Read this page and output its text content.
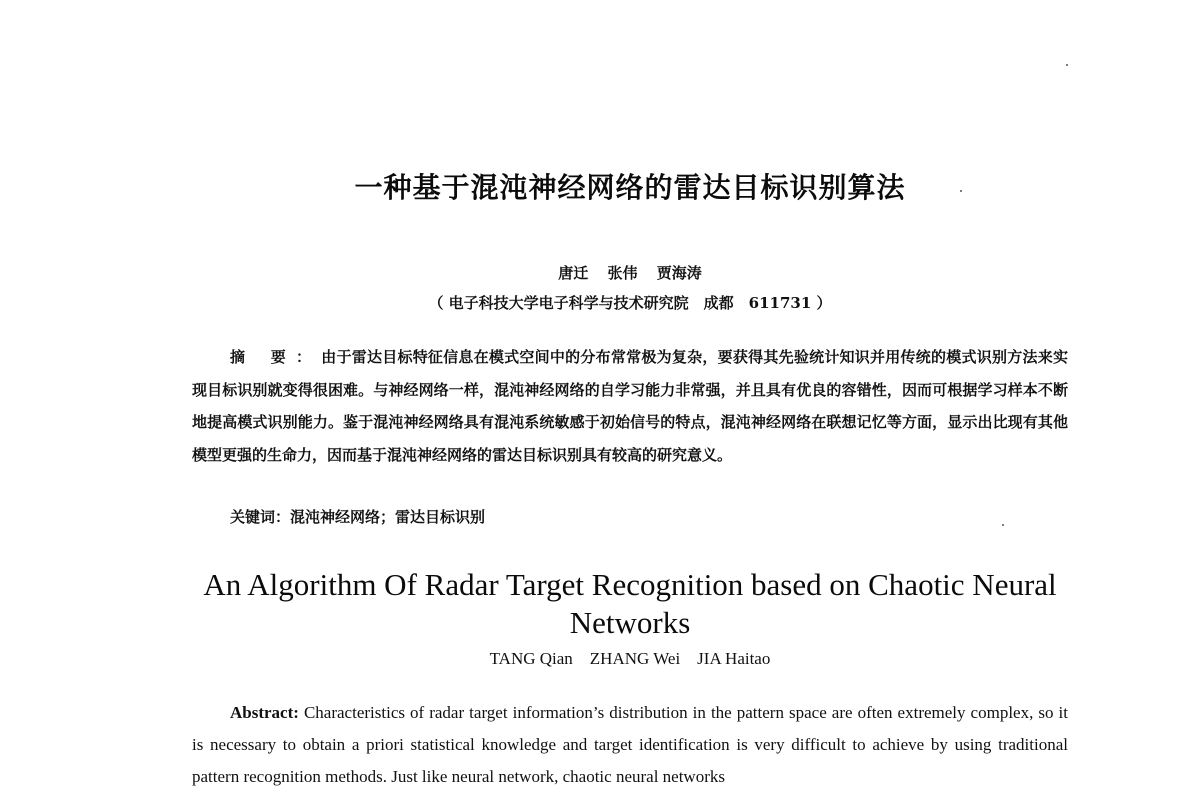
一种基于混沌神经网络的雷达目标识别算法
唐迁 张伟 贾海涛
（ 电子科技大学电子科学与技术研究院　成都　611731 ）
摘 要：由于雷达目标特征信息在模式空间中的分布常常极为复杂，要获得其先验统计知识并用传统的模式识别方法来实现目标识别就变得很困难。与神经网络一样，混沌神经网络的自学习能力非常强，并且具有优良的容错性，因而可根据学习样本不断地提高模式识别能力。鉴于混沌神经网络具有混沌系统敏感于初始信号的特点，混沌神经网络在联想记忆等方面，显示出比现有其他模型更强的生命力，因而基于混沌神经网络的雷达目标识别具有较高的研究意义。
关键词：混沌神经网络；雷达目标识别
An Algorithm Of Radar Target Recognition based on Chaotic Neural Networks
TANG Qian    ZHANG Wei    JIA Haitao
Abstract: Characteristics of radar target information’s distribution in the pattern space are often extremely complex, so it is necessary to obtain a priori statistical knowledge and target identification is very difficult to achieve by using traditional pattern recognition methods. Just like neural network, chaotic neural networks
